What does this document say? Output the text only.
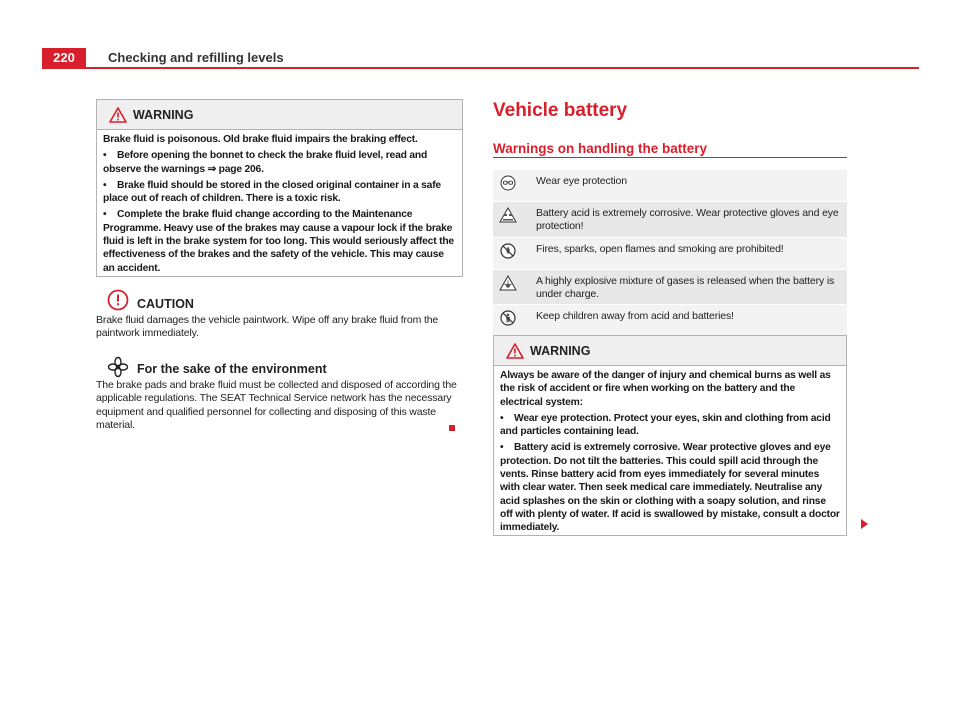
220	Checking and refilling levels
WARNING

Brake fluid is poisonous. Old brake fluid impairs the braking effect.

• Before opening the bonnet to check the brake fluid level, read and observe the warnings ⇒ page 206.

• Brake fluid should be stored in the closed original container in a safe place out of reach of children. There is a toxic risk.

• Complete the brake fluid change according to the Maintenance Programme. Heavy use of the brakes may cause a vapour lock if the brake fluid is left in the brake system for too long. This would seriously affect the effectiveness of the brakes and the safety of the vehicle. This may cause an accident.

CAUTION
Brake fluid damages the vehicle paintwork. Wipe off any brake fluid from the paintwork immediately.
For the sake of the environment
The brake pads and brake fluid must be collected and disposed of according the applicable regulations. The SEAT Technical Service network has the necessary equipment and qualified personnel for collecting and disposing of this waste material.
Vehicle battery
Warnings on handling the battery
Wear eye protection
Battery acid is extremely corrosive. Wear protective gloves and eye protection!
Fires, sparks, open flames and smoking are prohibited!
A highly explosive mixture of gases is released when the battery is under charge.
Keep children away from acid and batteries!
WARNING

Always be aware of the danger of injury and chemical burns as well as the risk of accident or fire when working on the battery and the electrical system:

• Wear eye protection. Protect your eyes, skin and clothing from acid and particles containing lead.

• Battery acid is extremely corrosive. Wear protective gloves and eye protection. Do not tilt the batteries. This could spill acid through the vents. Rinse battery acid from eyes immediately for several minutes with clear water. Then seek medical care immediately. Neutralise any acid splashes on the skin or clothing with a soapy solution, and rinse off with plenty of water. If acid is swallowed by mistake, consult a doctor immediately.
